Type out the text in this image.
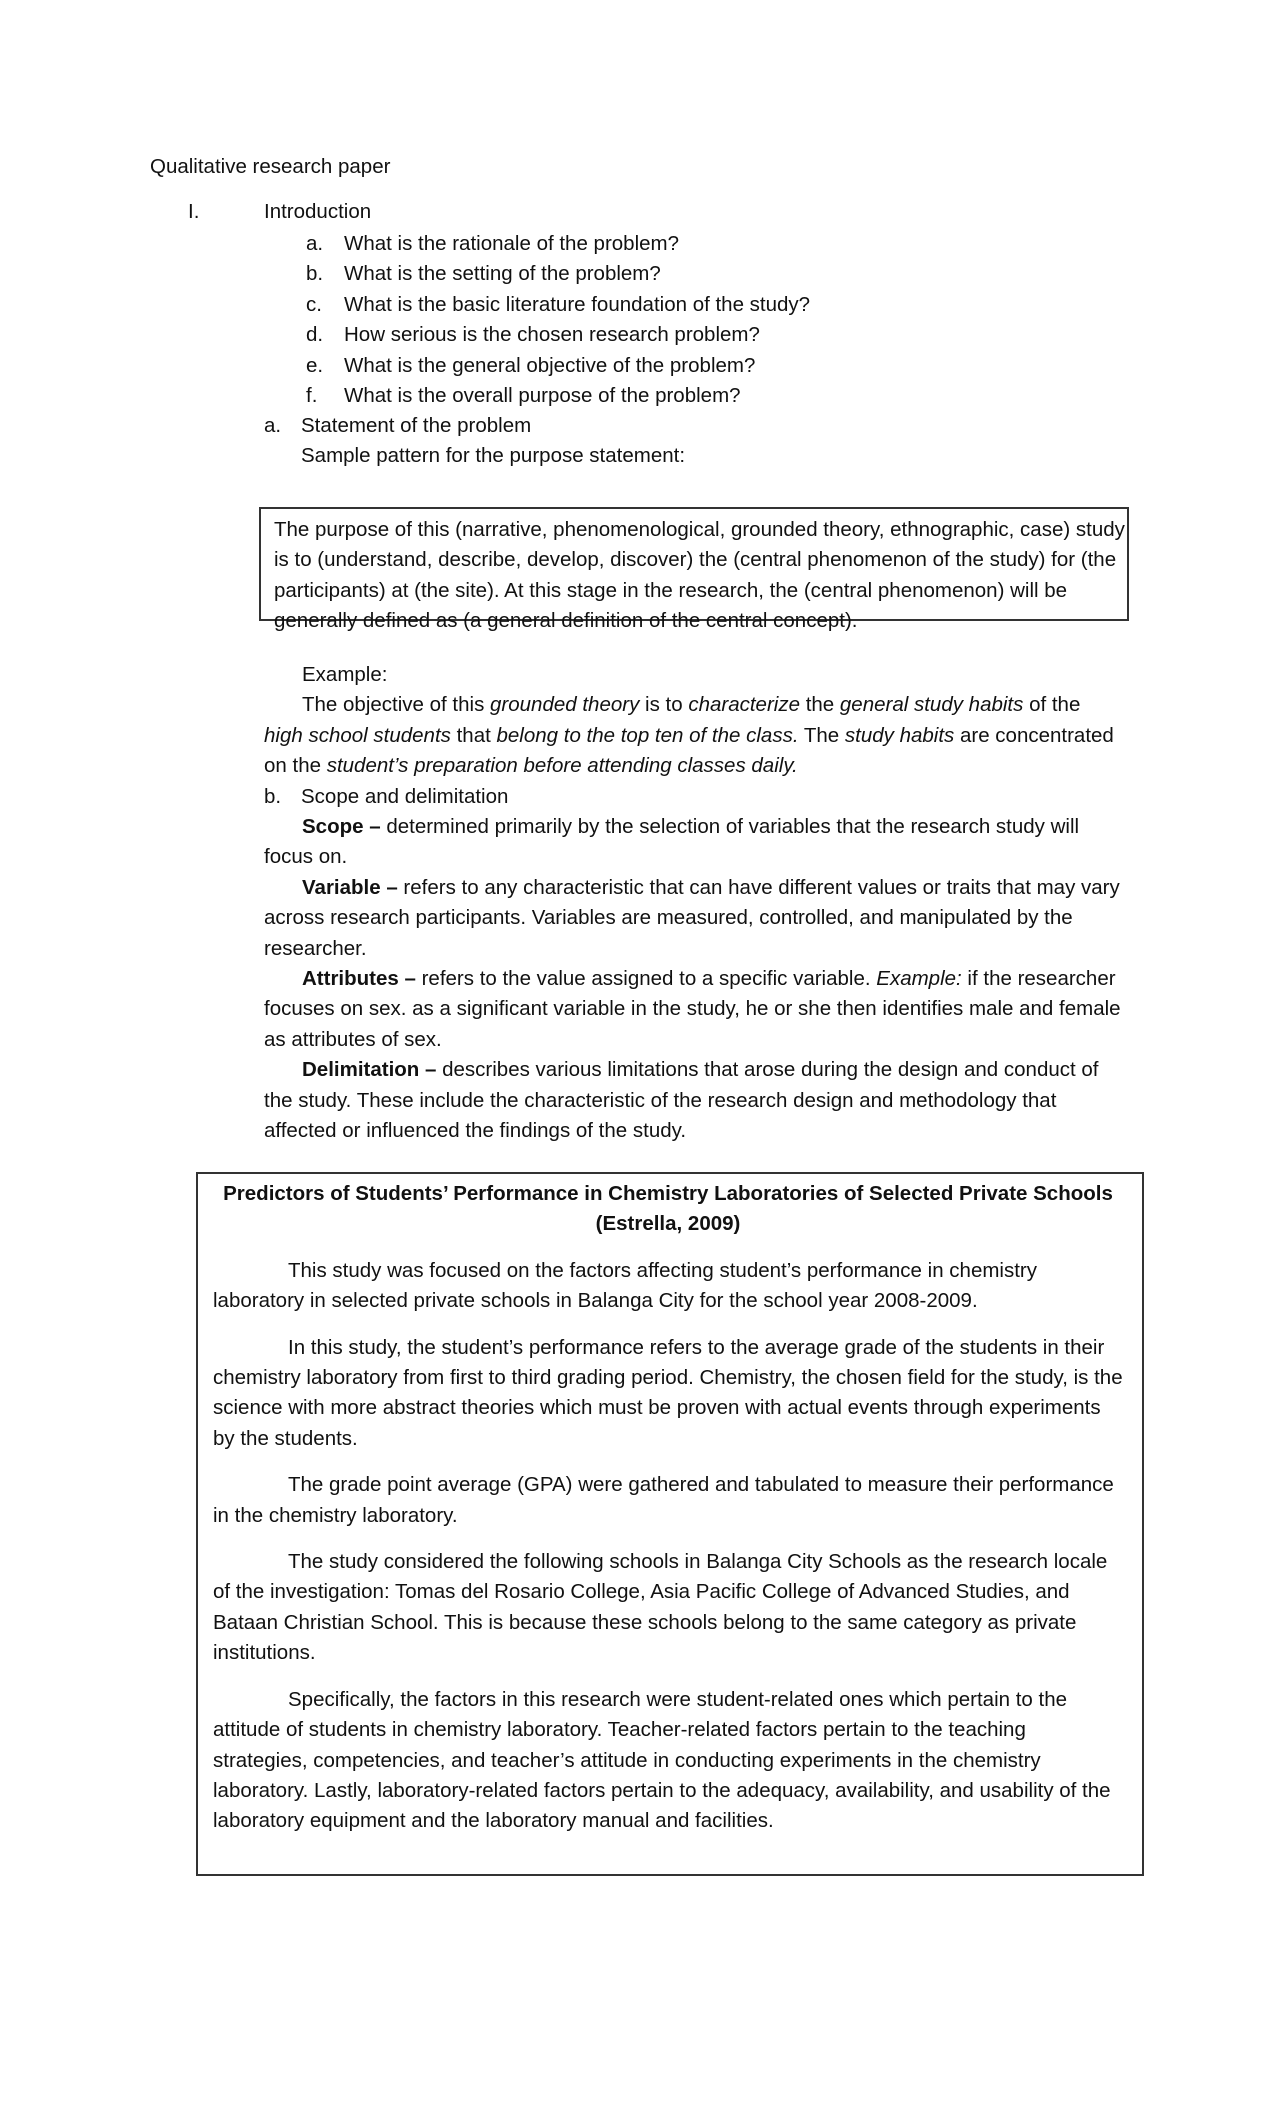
Qualitative research paper

I.	Introduction
a. What is the rationale of the problem?
b. What is the setting of the problem?
c. What is the basic literature foundation of the study?
d. How serious is the chosen research problem?
e. What is the general objective of the problem?
f. What is the overall purpose of the problem?
a. Statement of the problem

Sample pattern for the purpose statement:

The purpose of this (narrative, phenomenological, grounded theory, ethnographic, case) study is to (understand, describe, develop, discover) the (central phenomenon of the study) for (the participants) at (the site). At this stage in the research, the (central phenomenon) will be generally defined as (a general definition of the central concept).

Example:

The objective of this grounded theory is to characterize the general study habits of the high school students that belong to the top ten of the class. The study habits are concentrated on the student’s preparation before attending classes daily.

b. Scope and delimitation

Scope – determined primarily by the selection of variables that the research study will focus on.

Variable – refers to any characteristic that can have different values or traits that may vary across research participants. Variables are measured, controlled, and manipulated by the researcher.

Attributes – refers to the value assigned to a specific variable. Example: if the researcher focuses on sex. as a significant variable in the study, he or she then identifies male and female as attributes of sex.

Delimitation – describes various limitations that arose during the design and conduct of the study. These include the characteristic of the research design and methodology that affected or influenced the findings of the study.

Predictors of Students’ Performance in Chemistry Laboratories of Selected Private Schools

(Estrella, 2009)

This study was focused on the factors affecting student’s performance in chemistry laboratory in selected private schools in Balanga City for the school year 2008-2009.

In this study, the student’s performance refers to the average grade of the students in their chemistry laboratory from first to third grading period. Chemistry, the chosen field for the study, is the science with more abstract theories which must be proven with actual events through experiments by the students.

The grade point average (GPA) were gathered and tabulated to measure their performance in the chemistry laboratory.

The study considered the following schools in Balanga City Schools as the research locale of the investigation: Tomas del Rosario College, Asia Pacific College of Advanced Studies, and Bataan Christian School. This is because these schools belong to the same category as private institutions.

Specifically, the factors in this research were student-related ones which pertain to the attitude of students in chemistry laboratory. Teacher-related factors pertain to the teaching strategies, competencies, and teacher’s attitude in conducting experiments in the chemistry laboratory. Lastly, laboratory-related factors pertain to the adequacy, availability, and usability of the laboratory equipment and the laboratory manual and facilities.
